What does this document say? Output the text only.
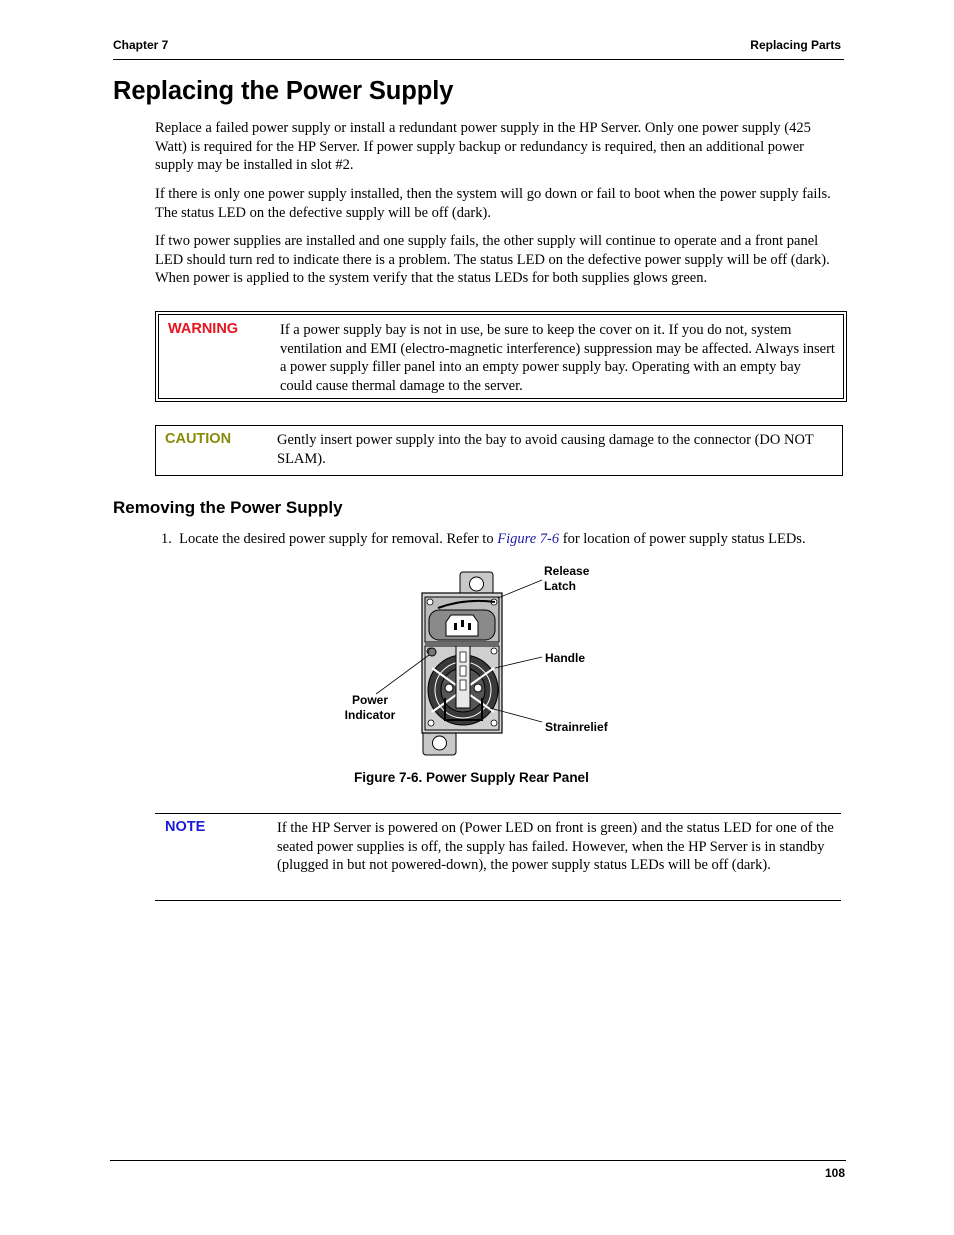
Chapter 7	Replacing Parts
Replacing the Power Supply

Replace a failed power supply or install a redundant power supply in the HP Server. Only one power supply (425 Watt) is required for the HP Server. If power supply backup or redundancy is required, then an additional power supply may be installed in slot #2.

If there is only one power supply installed, then the system will go down or fail to boot when the power supply fails. The status LED on the defective supply will be off (dark).

If two power supplies are installed and one supply fails, the other supply will continue to operate and a front panel LED should turn red to indicate there is a problem. The status LED on the defective power supply will be off (dark). When power is applied to the system verify that the status LEDs for both supplies glows green.

WARNING	If a power supply bay is not in use, be sure to keep the cover on it. If you do not, system ventilation and EMI (electro-magnetic interference) suppression may be affected. Always insert a power supply filler panel into an empty power supply bay. Operating with an empty bay could cause thermal damage to the server.

CAUTION	Gently insert power supply into the bay to avoid causing damage to the connector (DO NOT SLAM).

Removing the Power Supply
1. Locate the desired power supply for removal. Refer to Figure 7-6 for location of power supply status LEDs.
Release
Latch
Handle
Power
Indicator
Strainrelief
Figure 7-6. Power Supply Rear Panel
NOTE	If the HP Server is powered on (Power LED on front is green) and the status LED for one of the seated power supplies is off, the supply has failed. However, when the HP Server is in standby (plugged in but not powered-down), the power supply status LEDs will be off (dark).

108
